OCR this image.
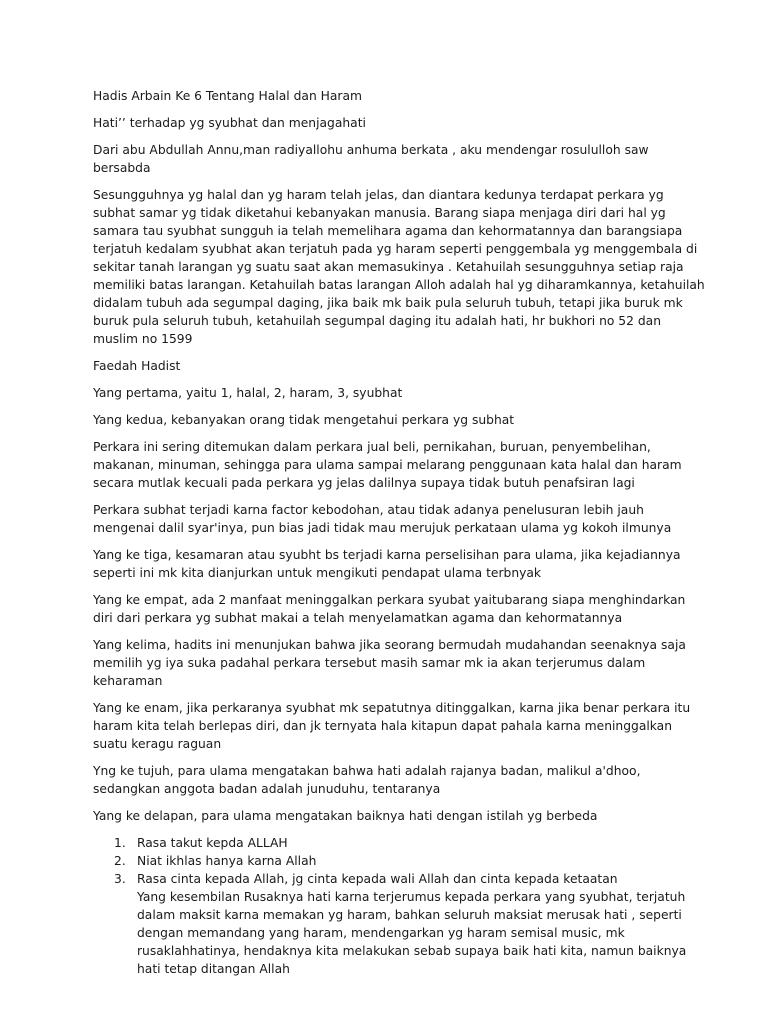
Hadis Arbain Ke 6 Tentang Halal dan Haram

Hati’’ terhadap yg syubhat dan menjagahati

Dari abu Abdullah Annu,man radiyallohu anhuma berkata , aku mendengar rosululloh saw bersabda

Sesungguhnya yg halal dan yg haram telah jelas, dan diantara kedunya terdapat perkara yg subhat samar yg tidak diketahui kebanyakan manusia. Barang siapa menjaga diri dari hal yg samara tau syubhat sungguh ia telah memelihara agama dan kehormatannya dan barangsiapa terjatuh kedalam syubhat akan terjatuh pada yg haram seperti penggembala yg menggembala di sekitar tanah larangan yg suatu saat akan memasukinya . Ketahuilah sesungguhnya setiap raja memiliki batas larangan. Ketahuilah batas larangan Alloh adalah hal yg diharamkannya, ketahuilah didalam tubuh ada segumpal daging, jika baik mk baik pula seluruh tubuh, tetapi jika buruk mk buruk pula seluruh tubuh, ketahuilah segumpal daging itu adalah hati, hr bukhori no 52 dan muslim no 1599

Faedah Hadist

Yang pertama, yaitu 1, halal, 2, haram, 3, syubhat

Yang kedua, kebanyakan orang tidak mengetahui perkara yg subhat

Perkara ini sering ditemukan dalam perkara jual beli, pernikahan, buruan, penyembelihan, makanan, minuman, sehingga para ulama sampai melarang penggunaan kata halal dan haram secara mutlak kecuali pada perkara yg jelas dalilnya supaya tidak butuh penafsiran lagi

Perkara subhat terjadi karna factor kebodohan, atau tidak adanya penelusuran lebih jauh mengenai dalil syar'inya, pun bias jadi tidak mau merujuk perkataan ulama yg kokoh ilmunya

Yang ke tiga, kesamaran atau syubht bs terjadi karna perselisihan para ulama, jika kejadiannya seperti ini mk kita dianjurkan untuk mengikuti pendapat ulama terbnyak

Yang ke empat, ada 2 manfaat meninggalkan perkara syubat yaitubarang siapa menghindarkan diri dari perkara yg subhat makai a telah menyelamatkan agama dan kehormatannya

Yang kelima, hadits ini menunjukan bahwa jika seorang bermudah mudahandan seenaknya saja memilih yg iya suka padahal perkara tersebut masih samar mk ia akan terjerumus dalam keharaman

Yang ke enam, jika perkaranya syubhat mk sepatutnya ditinggalkan, karna jika benar perkara itu haram kita telah berlepas diri, dan jk ternyata hala kitapun dapat pahala karna meninggalkan suatu keragu raguan

Yng ke tujuh, para ulama mengatakan bahwa hati adalah rajanya badan, malikul a'dhoo, sedangkan anggota badan adalah junuduhu, tentaranya

Yang ke delapan, para ulama mengatakan baiknya hati dengan istilah yg berbeda

1. Rasa takut kepda ALLAH
2. Niat ikhlas hanya karna Allah
3. Rasa cinta kepada Allah, jg cinta kepada wali Allah dan cinta kepada ketaatan
Yang kesembilan Rusaknya hati karna terjerumus kepada perkara yang syubhat, terjatuh dalam maksit karna memakan yg haram, bahkan seluruh maksiat merusak hati , seperti dengan memandang yang haram, mendengarkan yg haram semisal music, mk rusaklahhatinya, hendaknya kita melakukan sebab supaya baik hati kita, namun baiknya hati tetap ditangan Allah
